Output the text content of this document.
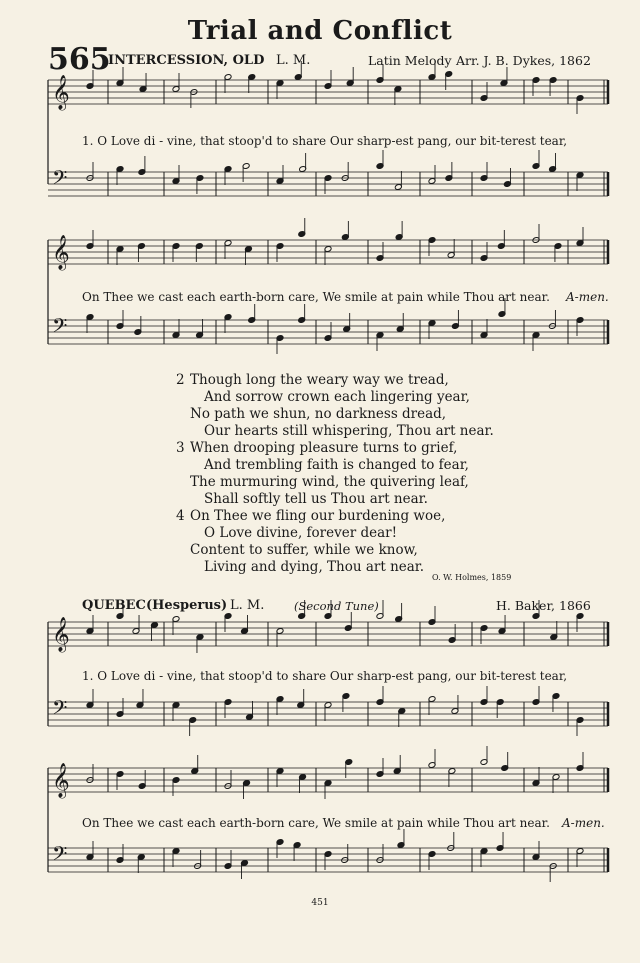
Trial and Conflict
565
INTERCESSION, OLD L. M.	Latin Melody Arr. J. B. Dykes, 1862
𝄞
𝄢
1. O Love di - vine, that stoop'd to share Our sharp-est pang, our bit-terest tear,
𝄞
𝄢
On Thee we cast each earth-born care, We smile at pain while Thou art near. A-men.
2 Though long the weary way we tread,
And sorrow crown each lingering year,
No path we shun, no darkness dread,
Our hearts still whispering, Thou art near.
3 When drooping pleasure turns to grief,
And trembling faith is changed to fear,
The murmuring wind, the quivering leaf,
Shall softly tell us Thou art near.
4 On Thee we fling our burdening woe,
O Love divine, forever dear!
Content to suffer, while we know,
Living and dying, Thou art near.
O. W. Holmes, 1859
QUEBEC (Hesperus) L. M.	(Second Tune)	H. Baker, 1866
𝄞
𝄢
1. O Love di - vine, that stoop'd to share Our sharp-est pang, our bit-terest tear,
𝄞
𝄢
On Thee we cast each earth-born care, We smile at pain while Thou art near. A-men.
451
